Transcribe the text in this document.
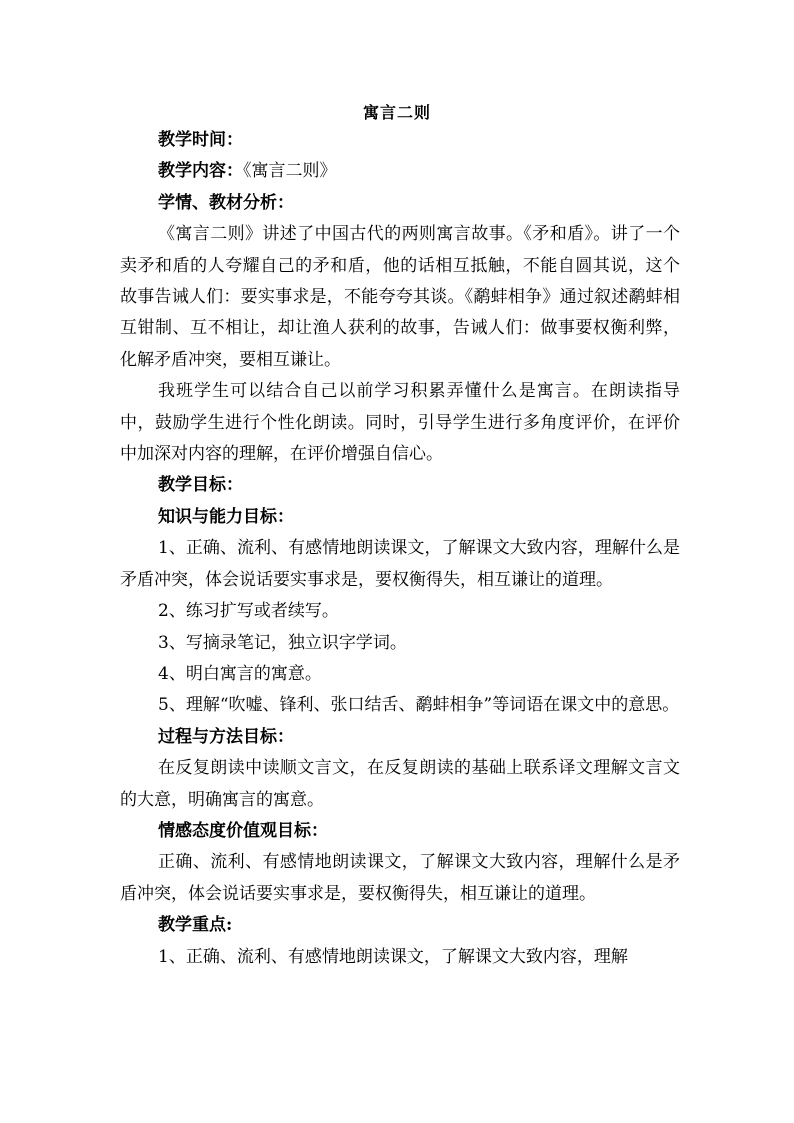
寓言二则

教学时间：

教学内容：《寓言二则》

学情、教材分析：

《寓言二则》讲述了中国古代的两则寓言故事。《矛和盾》。讲了一个卖矛和盾的人夸耀自己的矛和盾，他的话相互抵触，不能自圆其说，这个故事告诫人们：要实事求是，不能夸夸其谈。《鹬蚌相争》通过叙述鹬蚌相互钳制、互不相让，却让渔人获利的故事，告诫人们：做事要权衡利弊，化解矛盾冲突，要相互谦让。

我班学生可以结合自己以前学习积累弄懂什么是寓言。在朗读指导中，鼓励学生进行个性化朗读。同时，引导学生进行多角度评价，在评价中加深对内容的理解，在评价增强自信心。

教学目标：

知识与能力目标：

1、正确、流利、有感情地朗读课文，了解课文大致内容，理解什么是矛盾冲突，体会说话要实事求是，要权衡得失，相互谦让的道理。

2、练习扩写或者续写。

3、写摘录笔记，独立识字学词。

4、明白寓言的寓意。

5、理解“吹嘘、锋利、张口结舌、鹬蚌相争”等词语在课文中的意思。

过程与方法目标：

在反复朗读中读顺文言文，在反复朗读的基础上联系译文理解文言文的大意，明确寓言的寓意。

情感态度价值观目标：

正确、流利、有感情地朗读课文，了解课文大致内容，理解什么是矛盾冲突，体会说话要实事求是，要权衡得失，相互谦让的道理。

教学重点:

1、正确、流利、有感情地朗读课文，了解课文大致内容，理解
